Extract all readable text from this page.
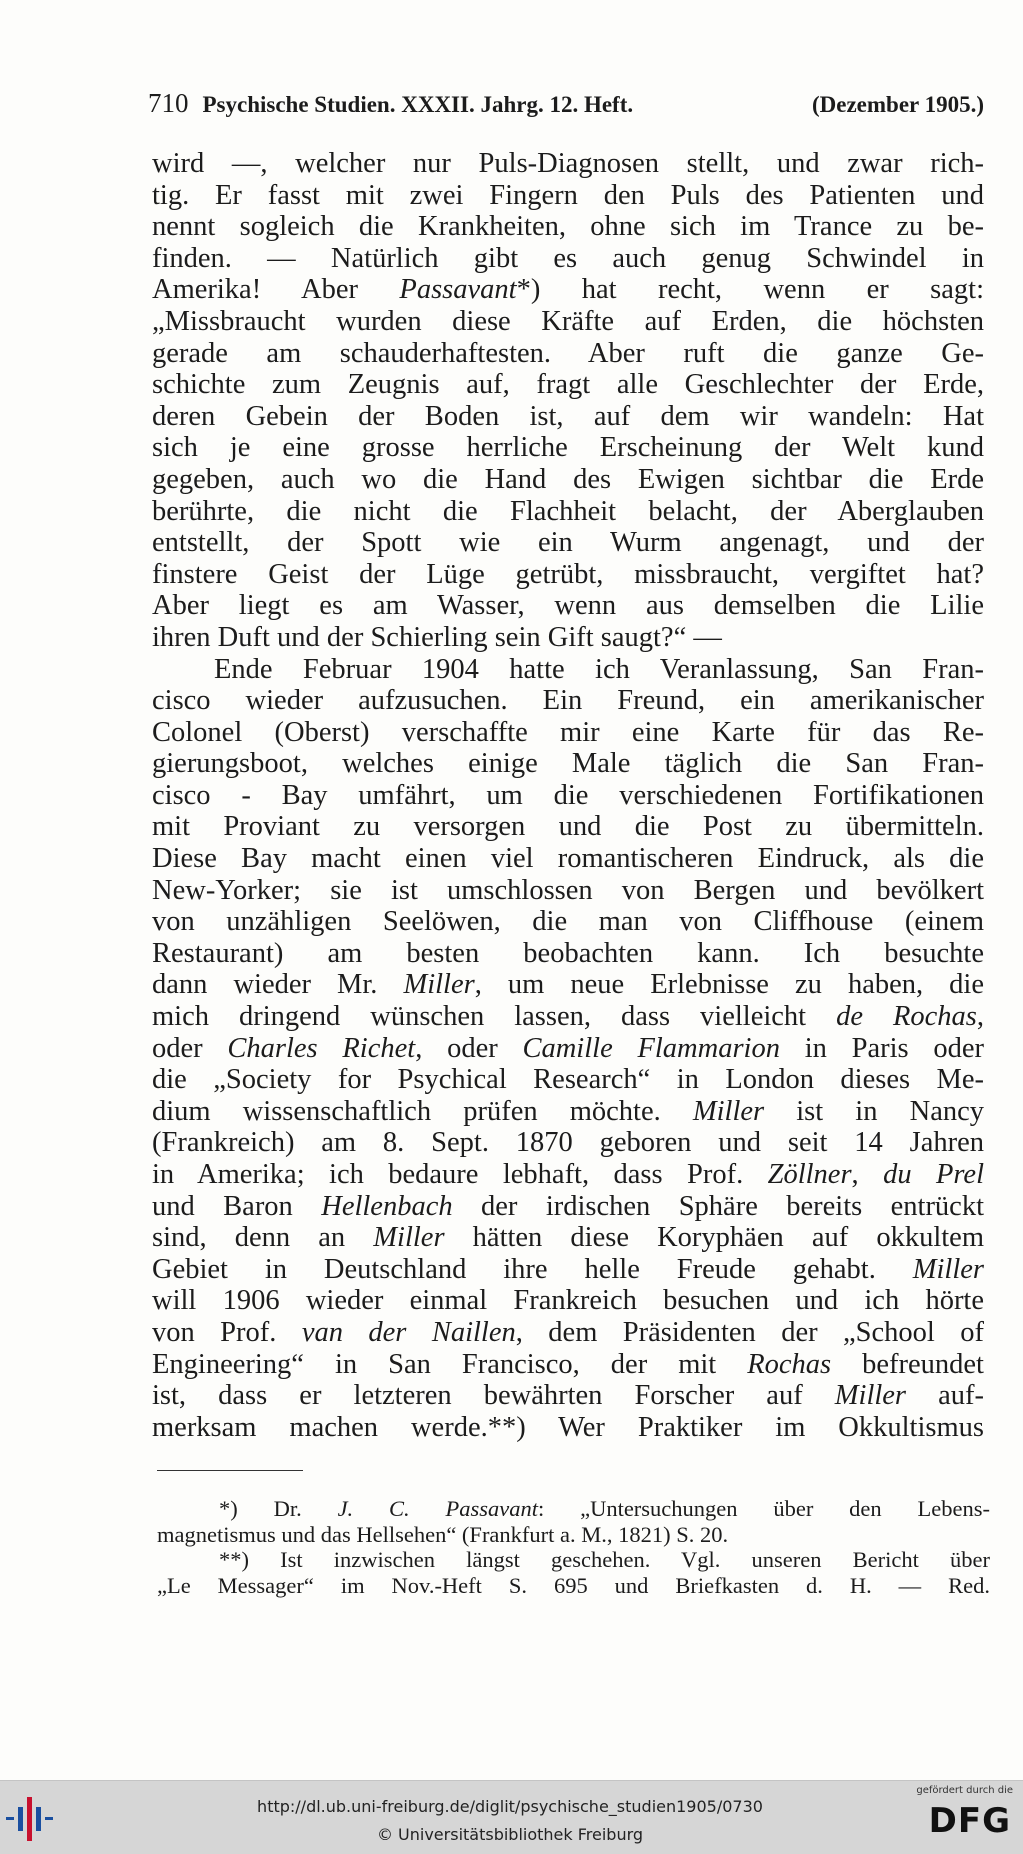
710 Psychische Studien. XXXII. Jahrg. 12. Heft.	(Dezember 1905.)
wird —, welcher nur Puls-Diagnosen stellt, und zwar rich-
tig. Er fasst mit zwei Fingern den Puls des Patienten und
nennt sogleich die Krankheiten, ohne sich im Trance zu be-
finden. — Natürlich gibt es auch genug Schwindel in
Amerika! Aber Passavant*) hat recht, wenn er sagt:
„Missbraucht wurden diese Kräfte auf Erden, die höchsten
gerade am schauderhaftesten. Aber ruft die ganze Ge-
schichte zum Zeugnis auf, fragt alle Geschlechter der Erde,
deren Gebein der Boden ist, auf dem wir wandeln: Hat
sich je eine grosse herrliche Erscheinung der Welt kund
gegeben, auch wo die Hand des Ewigen sichtbar die Erde
berührte, die nicht die Flachheit belacht, der Aberglauben
entstellt, der Spott wie ein Wurm angenagt, und der
finstere Geist der Lüge getrübt, missbraucht, vergiftet hat?
Aber liegt es am Wasser, wenn aus demselben die Lilie
ihren Duft und der Schierling sein Gift saugt?“ —
Ende Februar 1904 hatte ich Veranlassung, San Fran-
cisco wieder aufzusuchen. Ein Freund, ein amerikanischer
Colonel (Oberst) verschaffte mir eine Karte für das Re-
gierungsboot, welches einige Male täglich die San Fran-
cisco - Bay umfährt, um die verschiedenen Fortifikationen
mit Proviant zu versorgen und die Post zu übermitteln.
Diese Bay macht einen viel romantischeren Eindruck, als die
New-Yorker; sie ist umschlossen von Bergen und bevölkert
von unzähligen Seelöwen, die man von Cliffhouse (einem
Restaurant) am besten beobachten kann. Ich besuchte
dann wieder Mr. Miller, um neue Erlebnisse zu haben, die
mich dringend wünschen lassen, dass vielleicht de Rochas,
oder Charles Richet, oder Camille Flammarion in Paris oder
die „Society for Psychical Research“ in London dieses Me-
dium wissenschaftlich prüfen möchte. Miller ist in Nancy
(Frankreich) am 8. Sept. 1870 geboren und seit 14 Jahren
in Amerika; ich bedaure lebhaft, dass Prof. Zöllner, du Prel
und Baron Hellenbach der irdischen Sphäre bereits entrückt
sind, denn an Miller hätten diese Koryphäen auf okkultem
Gebiet in Deutschland ihre helle Freude gehabt. Miller
will 1906 wieder einmal Frankreich besuchen und ich hörte
von Prof. van der Naillen, dem Präsidenten der „School of
Engineering“ in San Francisco, der mit Rochas befreundet
ist, dass er letzteren bewährten Forscher auf Miller auf-
merksam machen werde.**) Wer Praktiker im Okkultismus
*) Dr. J. C. Passavant: „Untersuchungen über den Lebens-
magnetismus und das Hellsehen“ (Frankfurt a. M., 1821) S. 20.
**) Ist inzwischen längst geschehen. Vgl. unseren Bericht über
„Le Messager“ im Nov.-Heft S. 695 und Briefkasten d. H. — Red.
http://dl.ub.uni-freiburg.de/diglit/psychische_studien1905/0730
© Universitätsbibliothek Freiburg
gefördert durch die
DFG
